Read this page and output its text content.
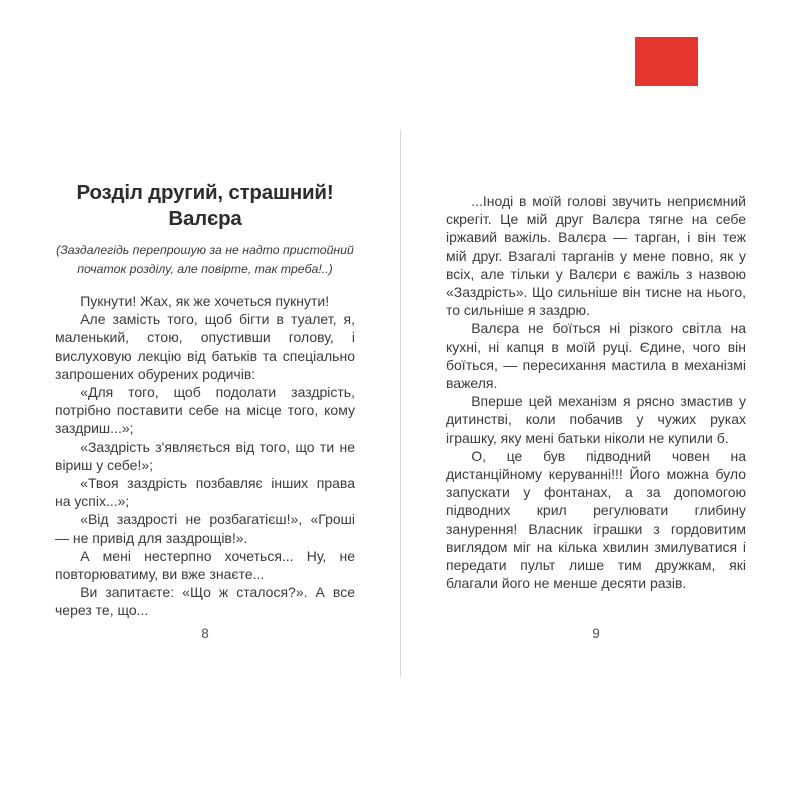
Розділ другий, страшний!
Валєра
(Заздалегідь перепрошую за не надто пристойний
початок розділу, але повірте, так треба!..)

Пукнути! Жах, як же хочеться пукнути!

Але замість того, щоб бігти в туалет, я, маленький, стою, опустивши голову, і вислуховую лекцію від батьків та спеціально запрошених обурених родичів:

«Для того, щоб подолати заздрість, потрібно поставити себе на місце того, кому заздриш...»;

«Заздрість з'являється від того, що ти не віриш у себе!»;

«Твоя заздрість позбавляє інших права на успіх...»;

«Від заздрості не розбагатієш!», «Гроші — не привід для заздрощів!».

А мені нестерпно хочеться... Ну, не повторюватиму, ви вже знаєте...

Ви запитаєте: «Що ж сталося?». А все через те, що...

...Іноді в моїй голові звучить неприємний скрегіт. Це мій друг Валєра тягне на себе іржавий важіль. Валєра — тарган, і він теж мій друг. Взагалі тарганів у мене повно, як у всіх, але тільки у Валєри є важіль з назвою «Заздрість». Що сильніше він тисне на нього, то сильніше я заздрю.

Валєра не боїться ні різкого світла на кухні, ні капця в моїй руці. Єдине, чого він боїться, — пересихання мастила в механізмі важеля.

Вперше цей механізм я рясно змастив у дитинстві, коли побачив у чужих руках іграшку, яку мені батьки ніколи не купили б.

О, це був підводний човен на дистанційному керуванні!!! Його можна було запускати у фонтанах, а за допомогою підводних крил регулювати глибину занурення! Власник іграшки з гордовитим виглядом міг на кілька хвилин змилуватися і передати пульт лише тим дружкам, які благали його не менше десяти разів.

8	9
